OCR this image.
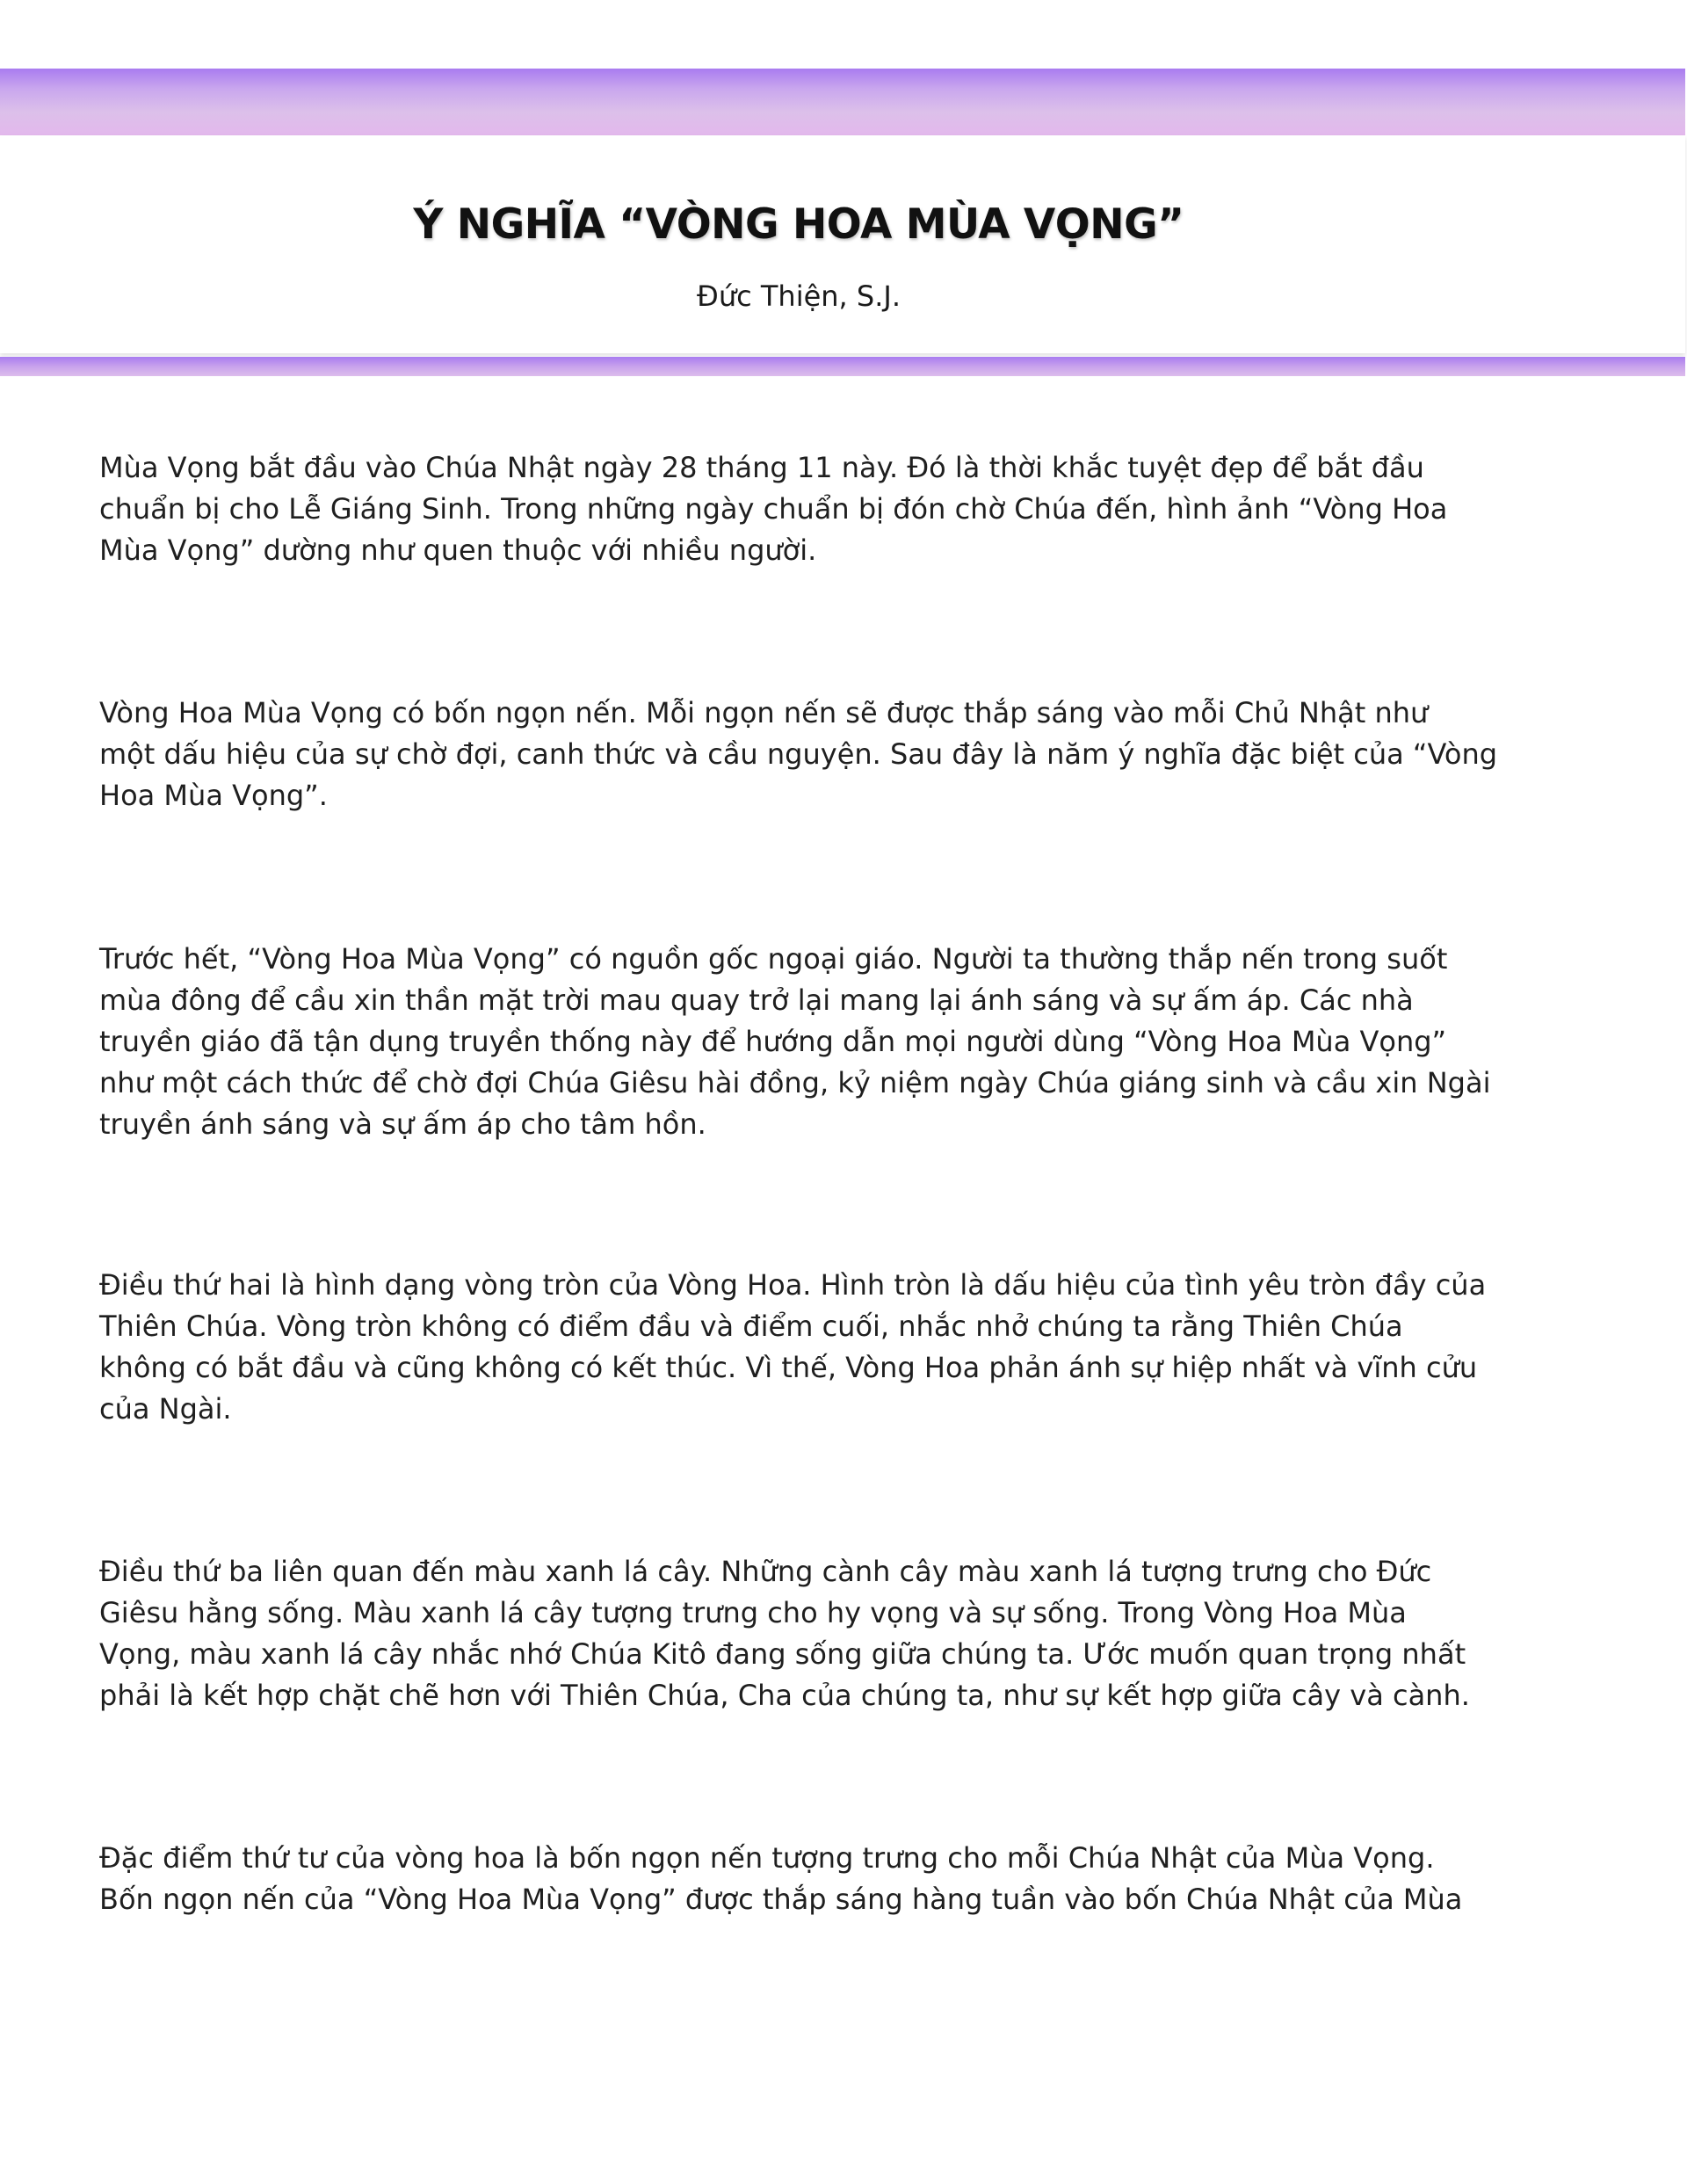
Ý NGHĨA “VÒNG HOA MÙA VỌNG”
Đức Thiện, S.J.
Mùa Vọng bắt đầu vào Chúa Nhật ngày 28 tháng 11 này. Đó là thời khắc tuyệt đẹp để bắt đầu
chuẩn bị cho Lễ Giáng Sinh. Trong những ngày chuẩn bị đón chờ Chúa đến, hình ảnh “Vòng Hoa
Mùa Vọng” dường như quen thuộc với nhiều người.
Vòng Hoa Mùa Vọng có bốn ngọn nến. Mỗi ngọn nến sẽ được thắp sáng vào mỗi Chủ Nhật như
một dấu hiệu của sự chờ đợi, canh thức và cầu nguyện. Sau đây là năm ý nghĩa đặc biệt của “Vòng
Hoa Mùa Vọng”.
Trước hết, “Vòng Hoa Mùa Vọng” có nguồn gốc ngoại giáo. Người ta thường thắp nến trong suốt
mùa đông để cầu xin thần mặt trời mau quay trở lại mang lại ánh sáng và sự ấm áp. Các nhà
truyền giáo đã tận dụng truyền thống này để hướng dẫn mọi người dùng “Vòng Hoa Mùa Vọng”
như một cách thức để chờ đợi Chúa Giêsu hài đồng, kỷ niệm ngày Chúa giáng sinh và cầu xin Ngài
truyền ánh sáng và sự ấm áp cho tâm hồn.
Điều thứ hai là hình dạng vòng tròn của Vòng Hoa. Hình tròn là dấu hiệu của tình yêu tròn đầy của
Thiên Chúa. Vòng tròn không có điểm đầu và điểm cuối, nhắc nhở chúng ta rằng Thiên Chúa
không có bắt đầu và cũng không có kết thúc. Vì thế, Vòng Hoa phản ánh sự hiệp nhất và vĩnh cửu
của Ngài.
Điều thứ ba liên quan đến màu xanh lá cây. Những cành cây màu xanh lá tượng trưng cho Đức
Giêsu hằng sống. Màu xanh lá cây tượng trưng cho hy vọng và sự sống. Trong Vòng Hoa Mùa
Vọng, màu xanh lá cây nhắc nhớ Chúa Kitô đang sống giữa chúng ta. Ước muốn quan trọng nhất
phải là kết hợp chặt chẽ hơn với Thiên Chúa, Cha của chúng ta, như sự kết hợp giữa cây và cành.
Đặc điểm thứ tư của vòng hoa là bốn ngọn nến tượng trưng cho mỗi Chúa Nhật của Mùa Vọng.
Bốn ngọn nến của “Vòng Hoa Mùa Vọng” được thắp sáng hàng tuần vào bốn Chúa Nhật của Mùa
